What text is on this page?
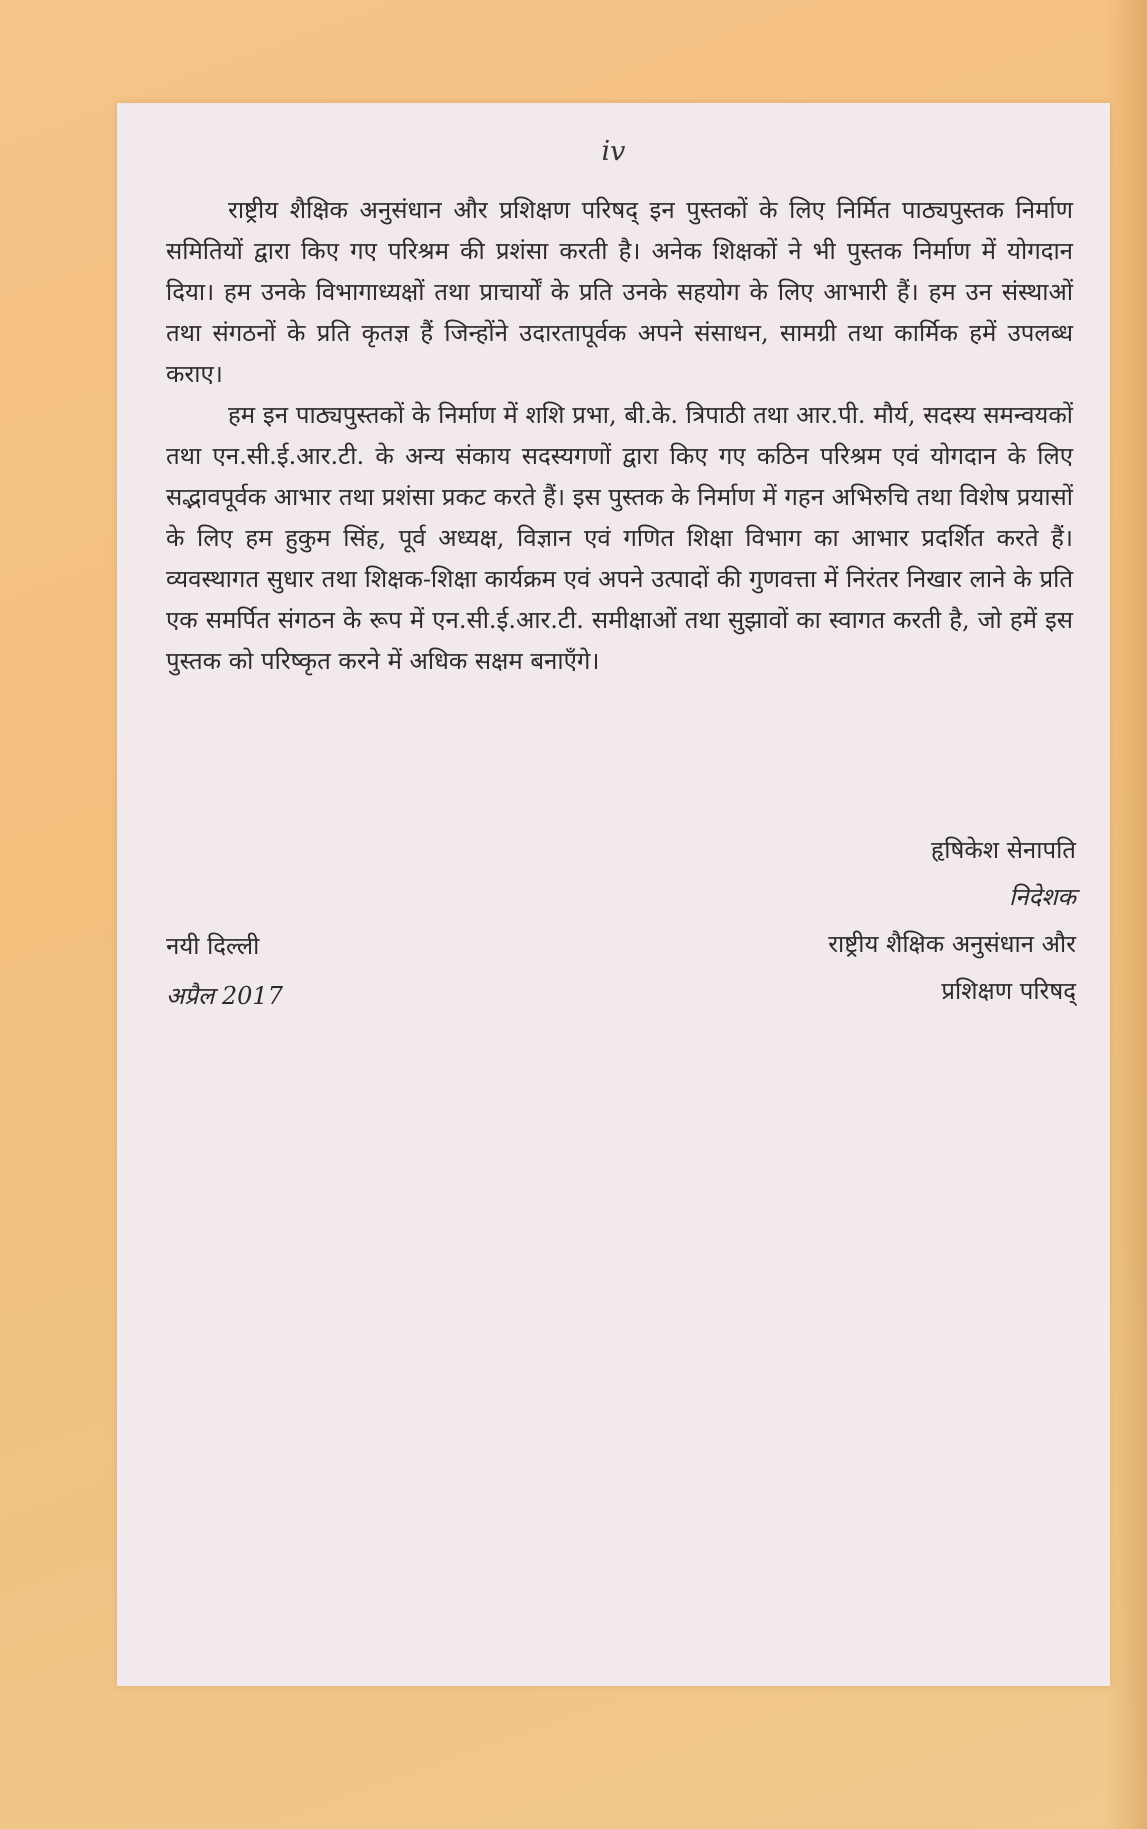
iv

राष्ट्रीय शैक्षिक अनुसंधान और प्रशिक्षण परिषद् इन पुस्तकों के लिए निर्मित पाठ्यपुस्तक निर्माण समितियों द्वारा किए गए परिश्रम की प्रशंसा करती है। अनेक शिक्षकों ने भी पुस्तक निर्माण में योगदान दिया। हम उनके विभागाध्यक्षों तथा प्राचार्यों के प्रति उनके सहयोग के लिए आभारी हैं। हम उन संस्थाओं तथा संगठनों के प्रति कृतज्ञ हैं जिन्होंने उदारतापूर्वक अपने संसाधन, सामग्री तथा कार्मिक हमें उपलब्ध कराए।

हम इन पाठ्यपुस्तकों के निर्माण में शशि प्रभा, बी.के. त्रिपाठी तथा आर.पी. मौर्य, सदस्य समन्वयकों तथा एन.सी.ई.आर.टी. के अन्य संकाय सदस्यगणों द्वारा किए गए कठिन परिश्रम एवं योगदान के लिए सद्भावपूर्वक आभार तथा प्रशंसा प्रकट करते हैं। इस पुस्तक के निर्माण में गहन अभिरुचि तथा विशेष प्रयासों के लिए हम हुकुम सिंह, पूर्व अध्यक्ष, विज्ञान एवं गणित शिक्षा विभाग का आभार प्रदर्शित करते हैं। व्यवस्थागत सुधार तथा शिक्षक-शिक्षा कार्यक्रम एवं अपने उत्पादों की गुणवत्ता में निरंतर निखार लाने के प्रति एक समर्पित संगठन के रूप में एन.सी.ई.आर.टी. समीक्षाओं तथा सुझावों का स्वागत करती है, जो हमें इस पुस्तक को परिष्कृत करने में अधिक सक्षम बनाएँगे।

नयी दिल्ली
अप्रैल 2017
हृषिकेश सेनापति
निदेशक
राष्ट्रीय शैक्षिक अनुसंधान और
प्रशिक्षण परिषद्
